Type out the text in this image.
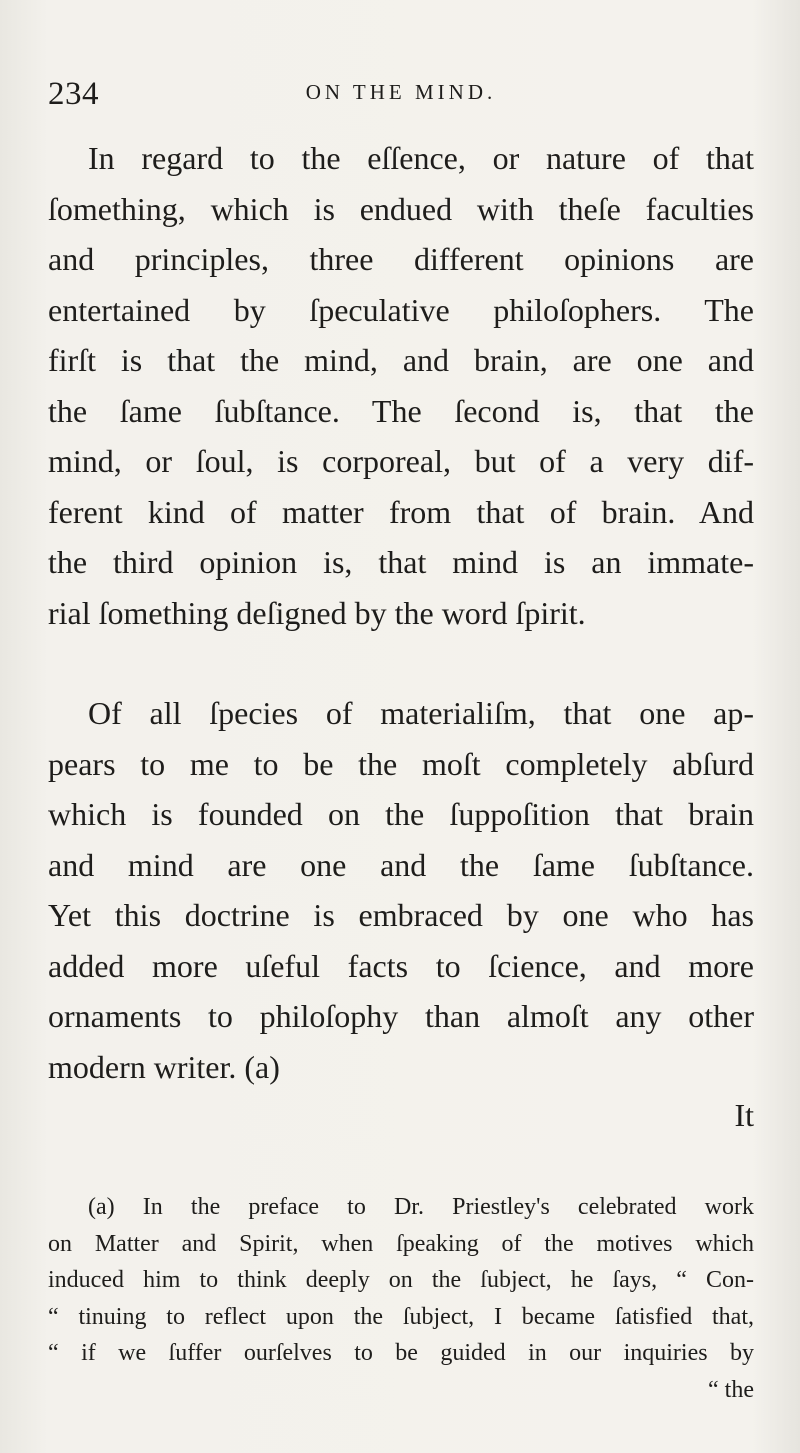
234	ON THE MIND.

In regard to the eſſence, or nature of that
ſomething, which is endued with theſe faculties
and principles, three different opinions are
entertained by ſpeculative philoſophers. The
firſt is that the mind, and brain, are one and
the ſame ſubſtance. The ſecond is, that the
mind, or ſoul, is corporeal, but of a very dif-
ferent kind of matter from that of brain. And
the third opinion is, that mind is an immate-
rial ſomething deſigned by the word ſpirit.

Of all ſpecies of materialiſm, that one ap-
pears to me to be the moſt completely abſurd
which is founded on the ſuppoſition that brain
and mind are one and the ſame ſubſtance.
Yet this doctrine is embraced by one who has
added more uſeful facts to ſcience, and more
ornaments to philoſophy than almoſt any other
modern writer. (a)

It
(a) In the preface to Dr. Priestley's celebrated work
on Matter and Spirit, when ſpeaking of the motives which
induced him to think deeply on the ſubject, he ſays, “ Con-
“ tinuing to reflect upon the ſubject, I became ſatisfied that,
“ if we ſuffer ourſelves to be guided in our inquiries by
“ the
